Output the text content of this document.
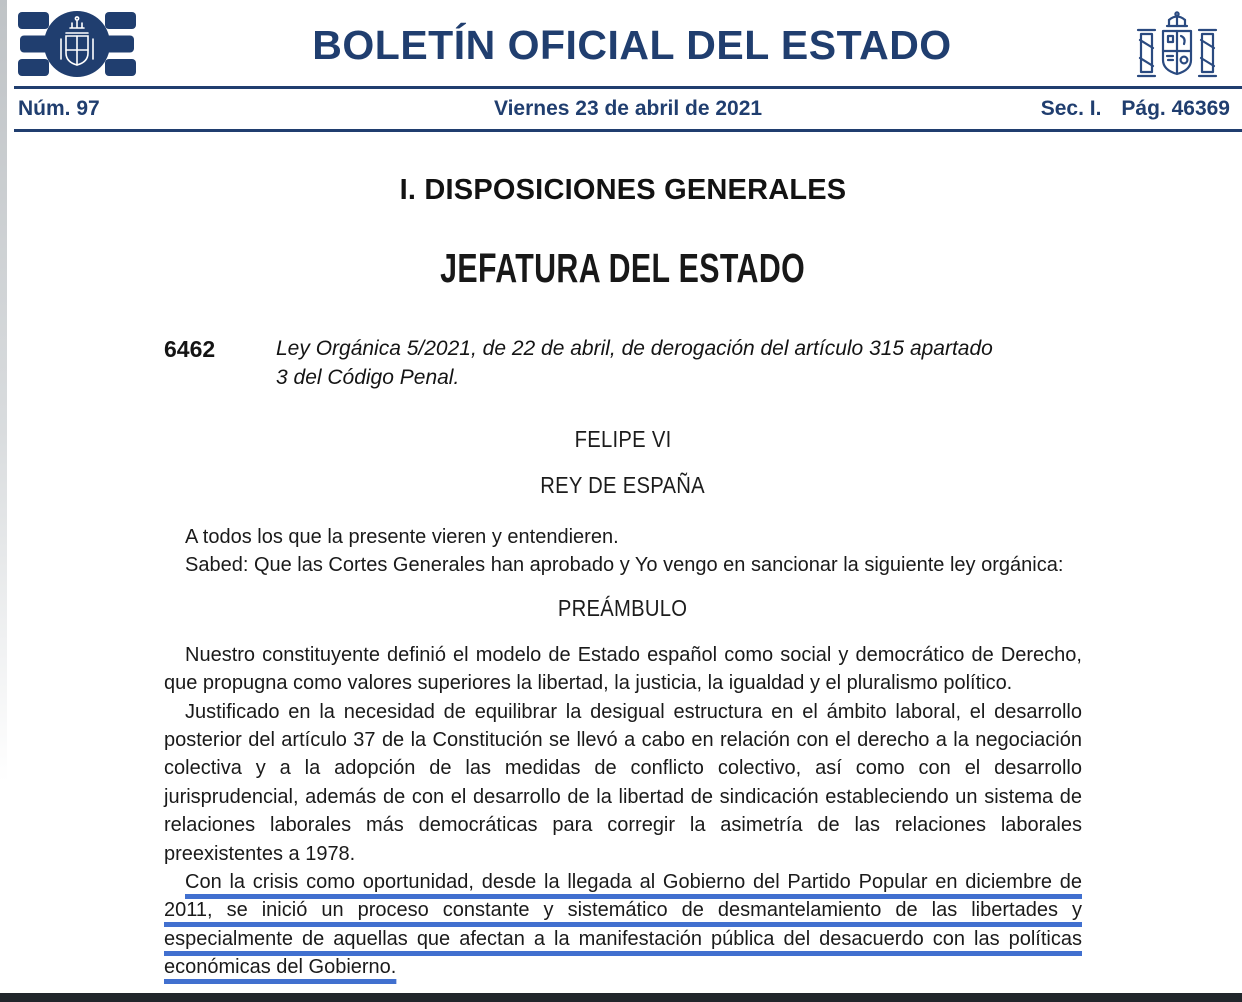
BOLETÍN OFICIAL DEL ESTADO
Núm. 97	Viernes 23 de abril de 2021	Sec. I. Pág. 46369
I. DISPOSICIONES GENERALES
JEFATURA DEL ESTADO
6462	Ley Orgánica 5/2021, de 22 de abril, de derogación del artículo 315 apartado 3 del Código Penal.

FELIPE VI
REY DE ESPAÑA

A todos los que la presente vieren y entendieren.

Sabed: Que las Cortes Generales han aprobado y Yo vengo en sancionar la siguiente ley orgánica:

PREÁMBULO

Nuestro constituyente definió el modelo de Estado español como social y democrático de Derecho, que propugna como valores superiores la libertad, la justicia, la igualdad y el pluralismo político.

Justificado en la necesidad de equilibrar la desigual estructura en el ámbito laboral, el desarrollo posterior del artículo 37 de la Constitución se llevó a cabo en relación con el derecho a la negociación colectiva y a la adopción de las medidas de conflicto colectivo, así como con el desarrollo jurisprudencial, además de con el desarrollo de la libertad de sindicación estableciendo un sistema de relaciones laborales más democráticas para corregir la asimetría de las relaciones laborales preexistentes a 1978.

Con la crisis como oportunidad, desde la llegada al Gobierno del Partido Popular en diciembre de 2011, se inició un proceso constante y sistemático de desmantelamiento de las libertades y especialmente de aquellas que afectan a la manifestación pública del desacuerdo con las políticas económicas del Gobierno.
